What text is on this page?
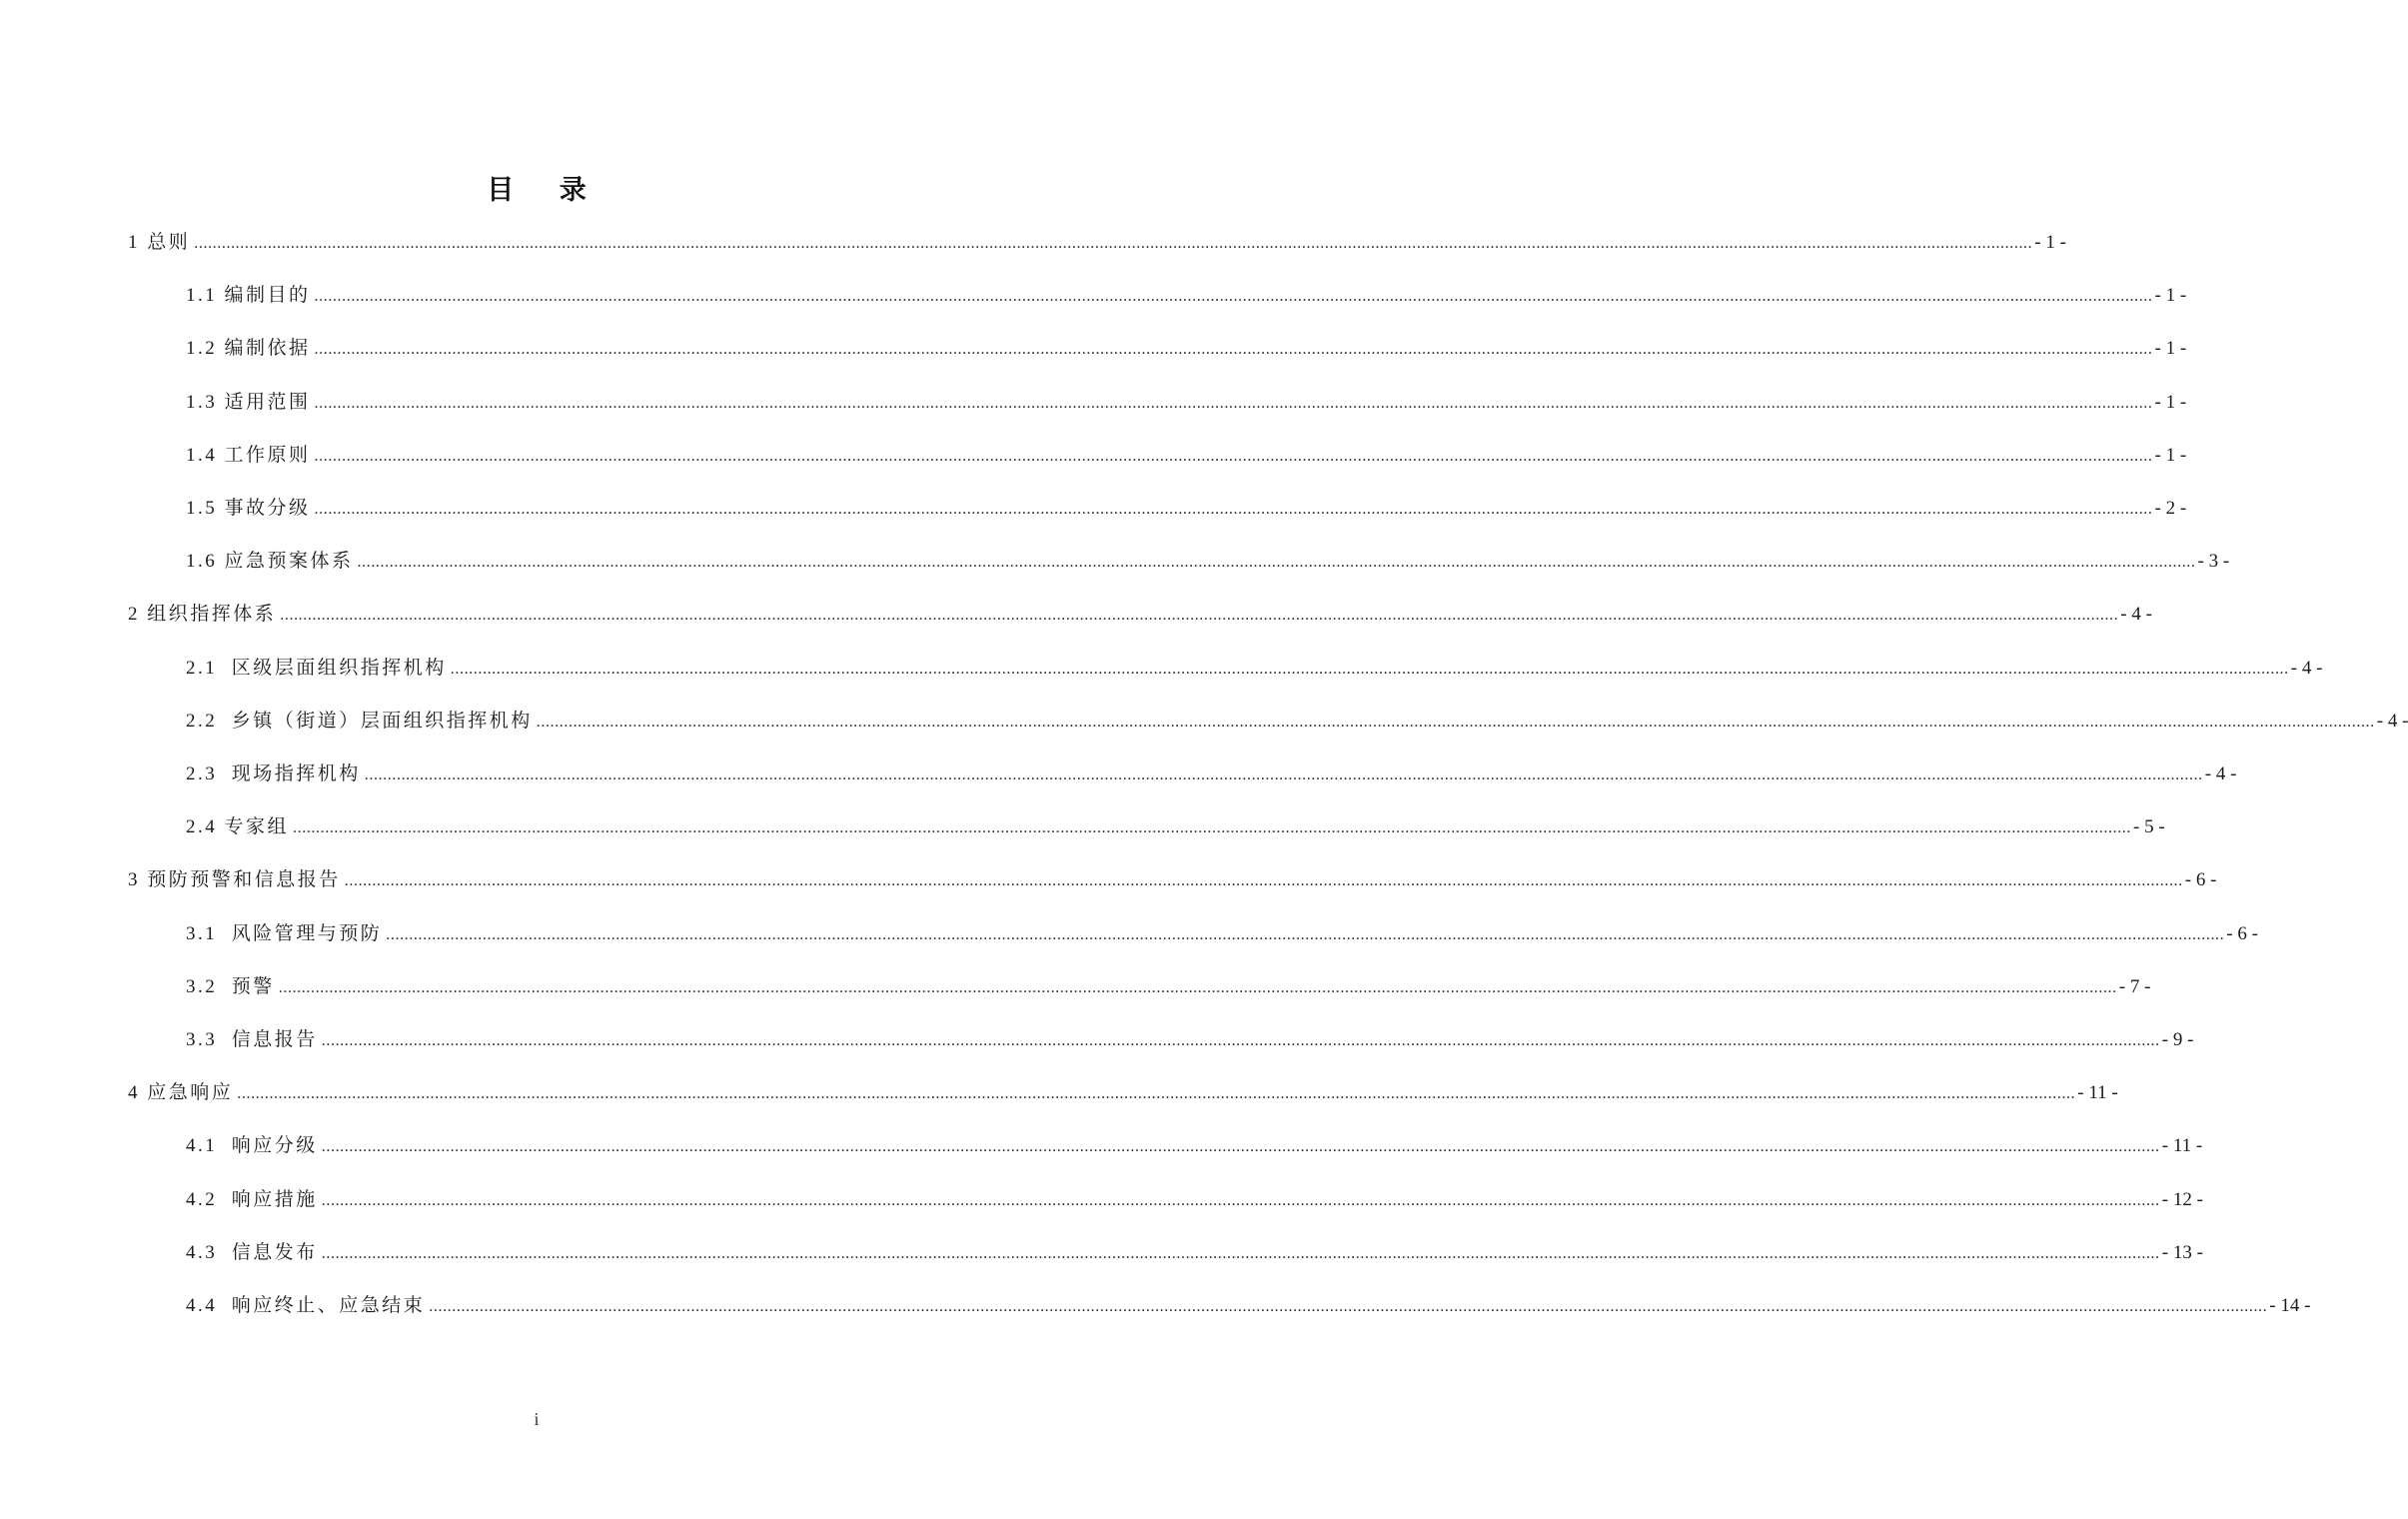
目 录
1 总则 ................................................................................................................................................................................................................................................................................................................................................................................................................ - 1 -
1.1 编制目的 ................................................................................................................................................................................................................................................................................................................................................................................................................ - 1 -
1.2 编制依据 ................................................................................................................................................................................................................................................................................................................................................................................................................ - 1 -
1.3 适用范围 ................................................................................................................................................................................................................................................................................................................................................................................................................ - 1 -
1.4 工作原则 ................................................................................................................................................................................................................................................................................................................................................................................................................ - 1 -
1.5 事故分级 ................................................................................................................................................................................................................................................................................................................................................................................................................ - 2 -
1.6 应急预案体系 ................................................................................................................................................................................................................................................................................................................................................................................................................ - 3 -
2 组织指挥体系 ................................................................................................................................................................................................................................................................................................................................................................................................................ - 4 -
2.1  区级层面组织指挥机构 ................................................................................................................................................................................................................................................................................................................................................................................................................ - 4 -
2.2  乡镇（街道）层面组织指挥机构 ................................................................................................................................................................................................................................................................................................................................................................................................................ - 4 -
2.3  现场指挥机构 ................................................................................................................................................................................................................................................................................................................................................................................................................ - 4 -
2.4 专家组 ................................................................................................................................................................................................................................................................................................................................................................................................................ - 5 -
3 预防预警和信息报告 ................................................................................................................................................................................................................................................................................................................................................................................................................ - 6 -
3.1  风险管理与预防 ................................................................................................................................................................................................................................................................................................................................................................................................................ - 6 -
3.2  预警 ................................................................................................................................................................................................................................................................................................................................................................................................................ - 7 -
3.3  信息报告 ................................................................................................................................................................................................................................................................................................................................................................................................................ - 9 -
4 应急响应 ................................................................................................................................................................................................................................................................................................................................................................................................................ - 11 -
4.1  响应分级 ................................................................................................................................................................................................................................................................................................................................................................................................................ - 11 -
4.2  响应措施 ................................................................................................................................................................................................................................................................................................................................................................................................................ - 12 -
4.3  信息发布 ................................................................................................................................................................................................................................................................................................................................................................................................................ - 13 -
4.4  响应终止、应急结束 ................................................................................................................................................................................................................................................................................................................................................................................................................ - 14 -
i
